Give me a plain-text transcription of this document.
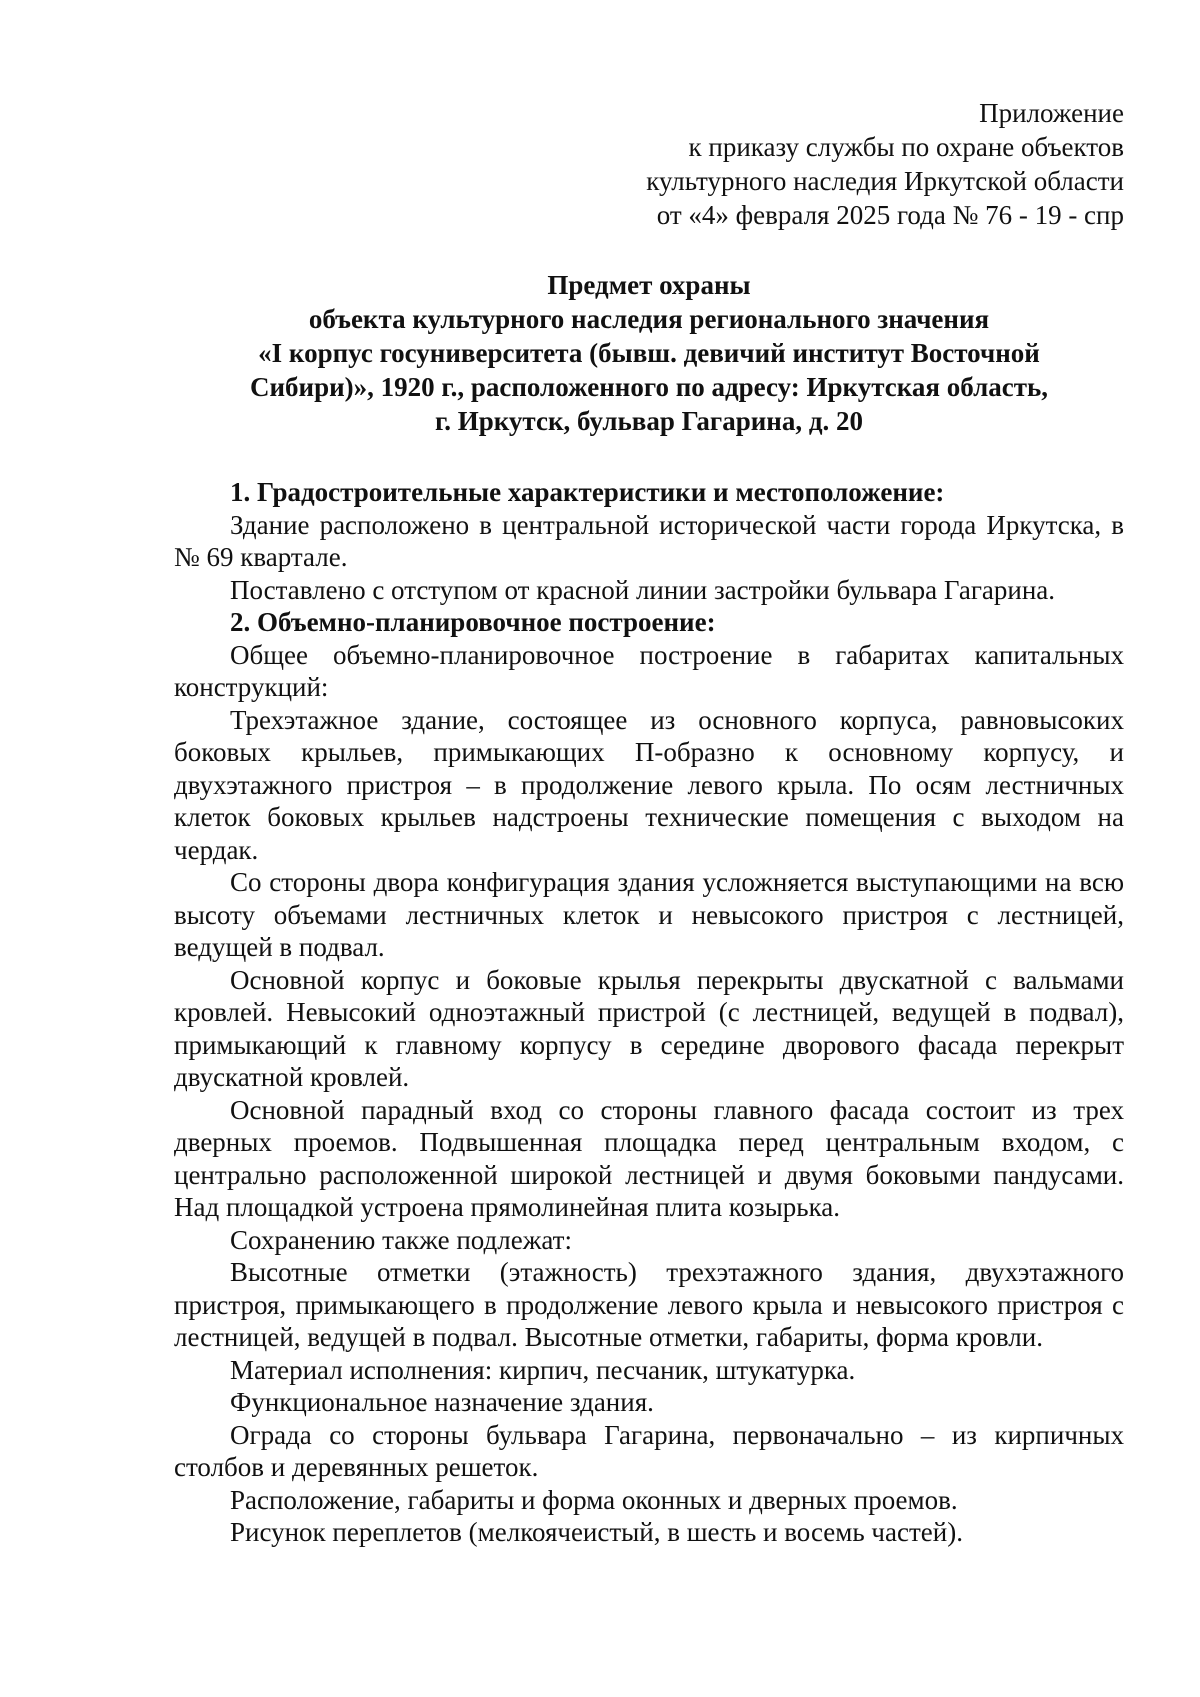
Приложение
к приказу службы по охране объектов
культурного наследия Иркутской области
от «4» февраля 2025 года № 76 - 19 - спр
Предмет охраны
объекта культурного наследия регионального значения
«I корпус госуниверситета (бывш. девичий институт Восточной
Сибири)», 1920 г., расположенного по адресу: Иркутская область,
г. Иркутск, бульвар Гагарина, д. 20

1. Градостроительные характеристики и местоположение:

Здание расположено в центральной исторической части города Иркутска, в № 69 квартале.

Поставлено с отступом от красной линии застройки бульвара Гагарина.

2. Объемно-планировочное построение:

Общее объемно-планировочное построение в габаритах капитальных конструкций:

Трехэтажное здание, состоящее из основного корпуса, равновысоких боковых крыльев, примыкающих П-образно к основному корпусу, и двухэтажного пристроя – в продолжение левого крыла. По осям лестничных клеток боковых крыльев надстроены технические помещения с выходом на чердак.

Со стороны двора конфигурация здания усложняется выступающими на всю высоту объемами лестничных клеток и невысокого пристроя с лестницей, ведущей в подвал.

Основной корпус и боковые крылья перекрыты двускатной с вальмами кровлей. Невысокий одноэтажный пристрой (с лестницей, ведущей в подвал), примыкающий к главному корпусу в середине дворового фасада перекрыт двускатной кровлей.

Основной парадный вход со стороны главного фасада состоит из трех дверных проемов. Подвышенная площадка перед центральным входом, с центрально расположенной широкой лестницей и двумя боковыми пандусами. Над площадкой устроена прямолинейная плита козырька.

Сохранению также подлежат:

Высотные отметки (этажность) трехэтажного здания, двухэтажного пристроя, примыкающего в продолжение левого крыла и невысокого пристроя с лестницей, ведущей в подвал. Высотные отметки, габариты, форма кровли.

Материал исполнения: кирпич, песчаник, штукатурка.

Функциональное назначение здания.

Ограда со стороны бульвара Гагарина, первоначально – из кирпичных столбов и деревянных решеток.

Расположение, габариты и форма оконных и дверных проемов.

Рисунок переплетов (мелкоячеистый, в шесть и восемь частей).
